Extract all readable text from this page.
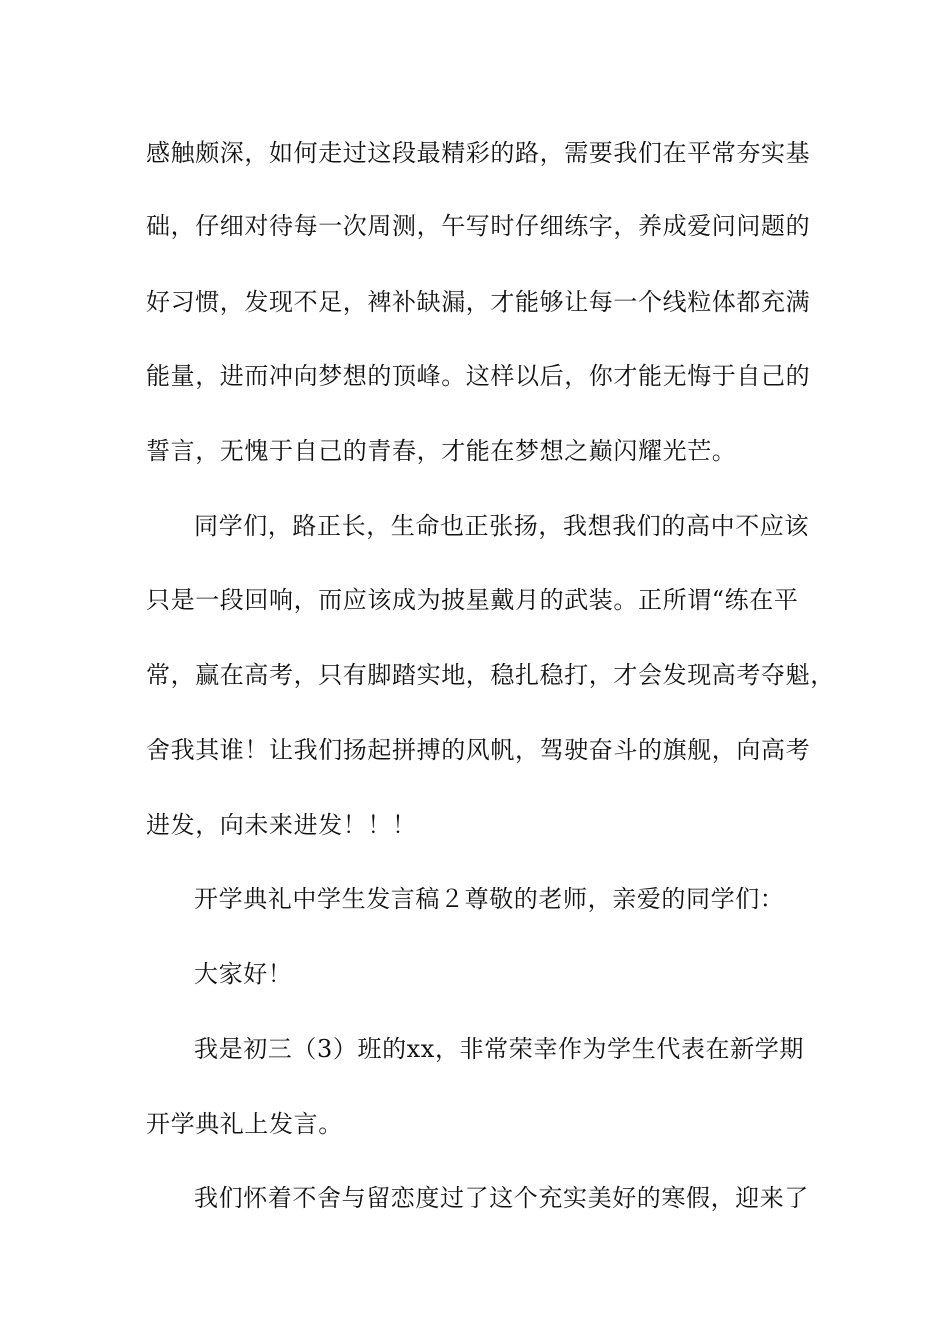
感触颇深，如何走过这段最精彩的路，需要我们在平常夯实基
础，仔细对待每一次周测，午写时仔细练字，养成爱问问题的
好习惯，发现不足，裨补缺漏，才能够让每一个线粒体都充满
能量，进而冲向梦想的顶峰。这样以后，你才能无悔于自己的
誓言，无愧于自己的青春，才能在梦想之巅闪耀光芒。
同学们，路正长，生命也正张扬，我想我们的高中不应该
只是一段回响，而应该成为披星戴月的武装。正所谓“练在平
常，赢在高考，只有脚踏实地，稳扎稳打，才会发现高考夺魁，
舍我其谁！让我们扬起拼搏的风帆，驾驶奋斗的旗舰，向高考
进发，向未来进发！！！
开学典礼中学生发言稿２尊敬的老师，亲爱的同学们：
大家好！
我是初三（3）班的xx，非常荣幸作为学生代表在新学期
开学典礼上发言。
我们怀着不舍与留恋度过了这个充实美好的寒假，迎来了
